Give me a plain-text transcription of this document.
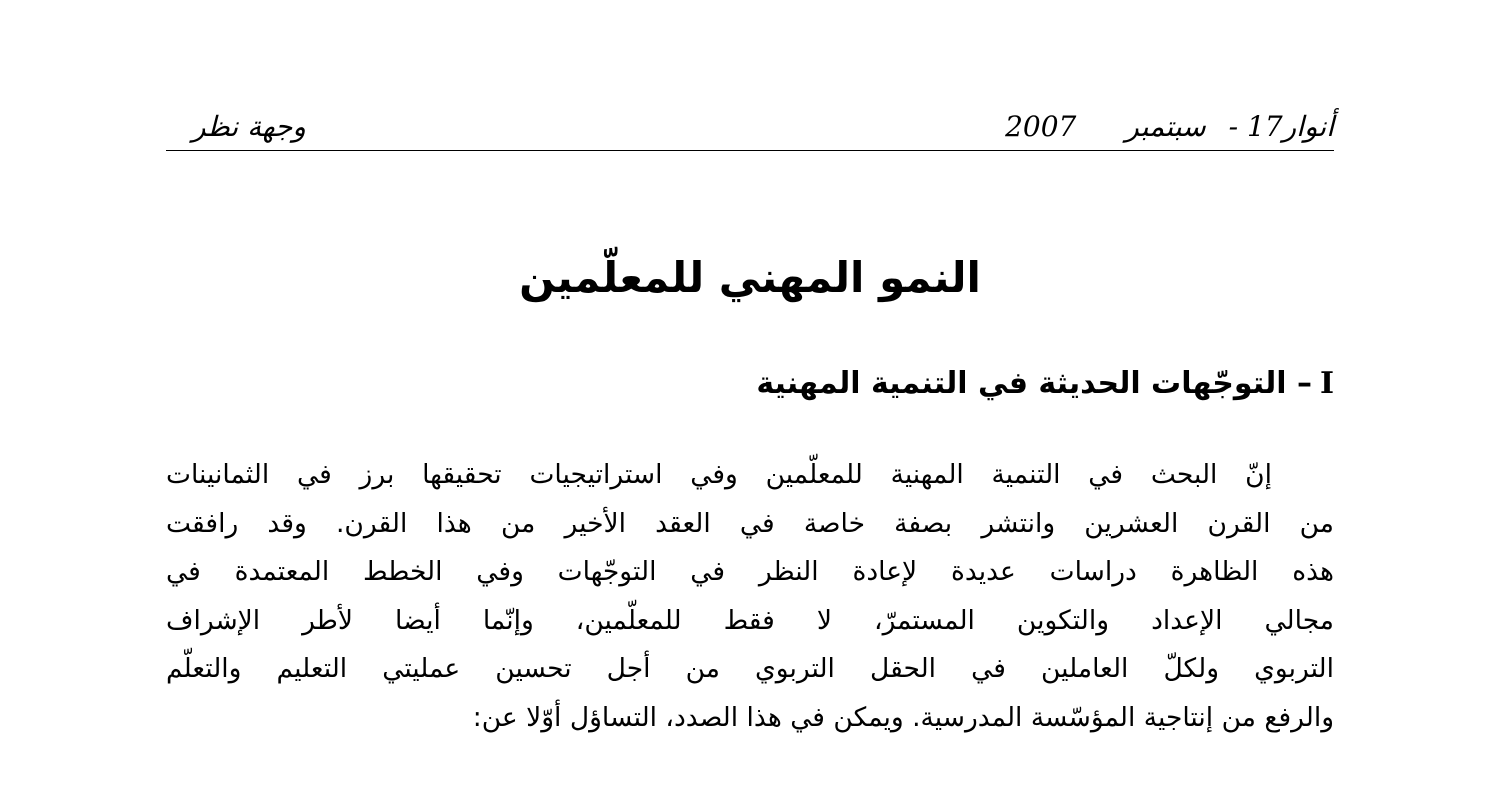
أنوار17 - سبتمبر 2007
وجهة نظر
النمو المهني للمعلّمين
I– التوجّهات الحديثة في التنمية المهنية
إنّ البحث في التنمية المهنية للمعلّمين وفي استراتيجيات تحقيقها برز في الثمانينات
من القرن العشرين وانتشر بصفة خاصة في العقد الأخير من هذا القرن. وقد رافقت
هذه الظاهرة دراسات عديدة لإعادة النظر في التوجّهات وفي الخطط المعتمدة في
مجالي الإعداد والتكوين المستمرّ، لا فقط للمعلّمين، وإنّما أيضا لأطر الإشراف
التربوي ولكلّ العاملين في الحقل التربوي من أجل تحسين عمليتي التعليم والتعلّم
والرفع من إنتاجية المؤسّسة المدرسية. ويمكن في هذا الصدد، التساؤل أوّلا عن:
